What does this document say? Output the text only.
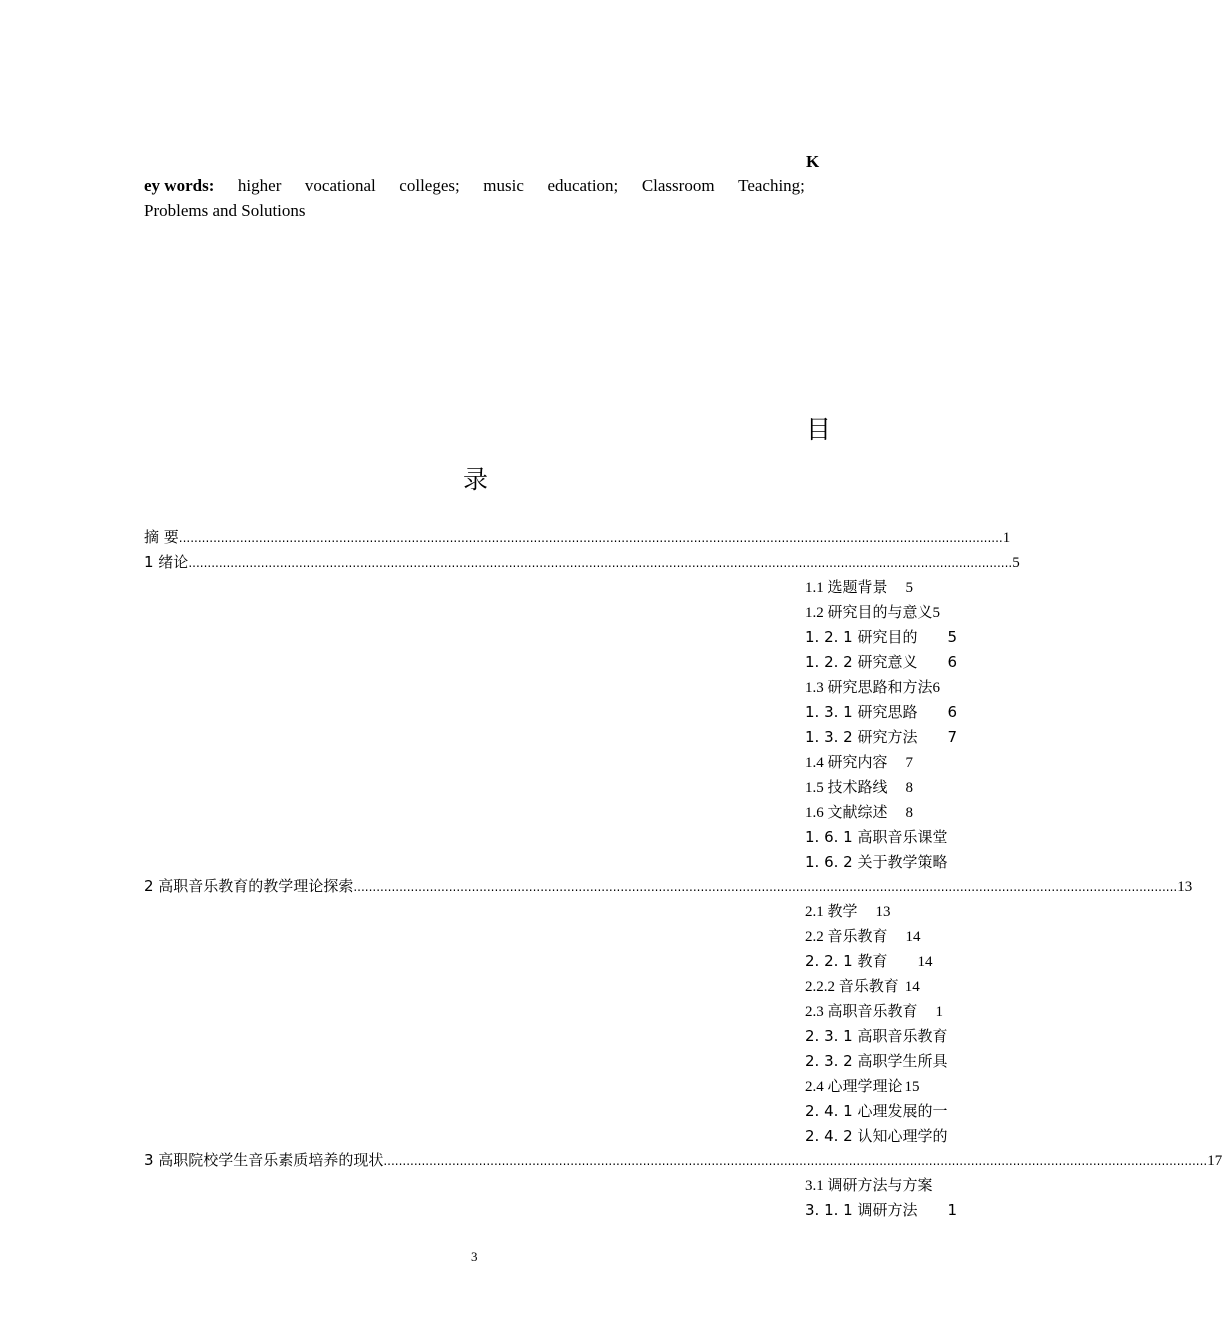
K
ey words: higher vocational colleges; music education; Classroom Teaching;
Problems and Solutions
目
录
摘 要 ........................................................................................................................................................................................................................ 1
1 绪论 ........................................................................................................................................................................................................................ 5
2 高职音乐教育的教学理论探索 ........................................................................................................................................................................................................................ 13
3 高职院校学生音乐素质培养的现状 ........................................................................................................................................................................................................................ 17
1.1 选题背景 5
1.2 研究目的与意义5
1. 2. 1 研究目的 5
1. 2. 2 研究意义 6
1.3 研究思路和方法6
1. 3. 1 研究思路 6
1. 3. 2 研究方法 7
1.4 研究内容 7
1.5 技术路线 8
1.6 文献综述 8
1. 6. 1 高职音乐课堂
1. 6. 2 关于教学策略
2.1 教学 13
2.2 音乐教育 14
2. 2. 1 教育 14
2.2.2 音乐教育 14
2.3 高职音乐教育 1
2. 3. 1 高职音乐教育
2. 3. 2 高职学生所具
2.4 心理学理论 15
2. 4. 1 心理发展的一
2. 4. 2 认知心理学的
3.1 调研方法与方案
3. 1. 1 调研方法 1
3
